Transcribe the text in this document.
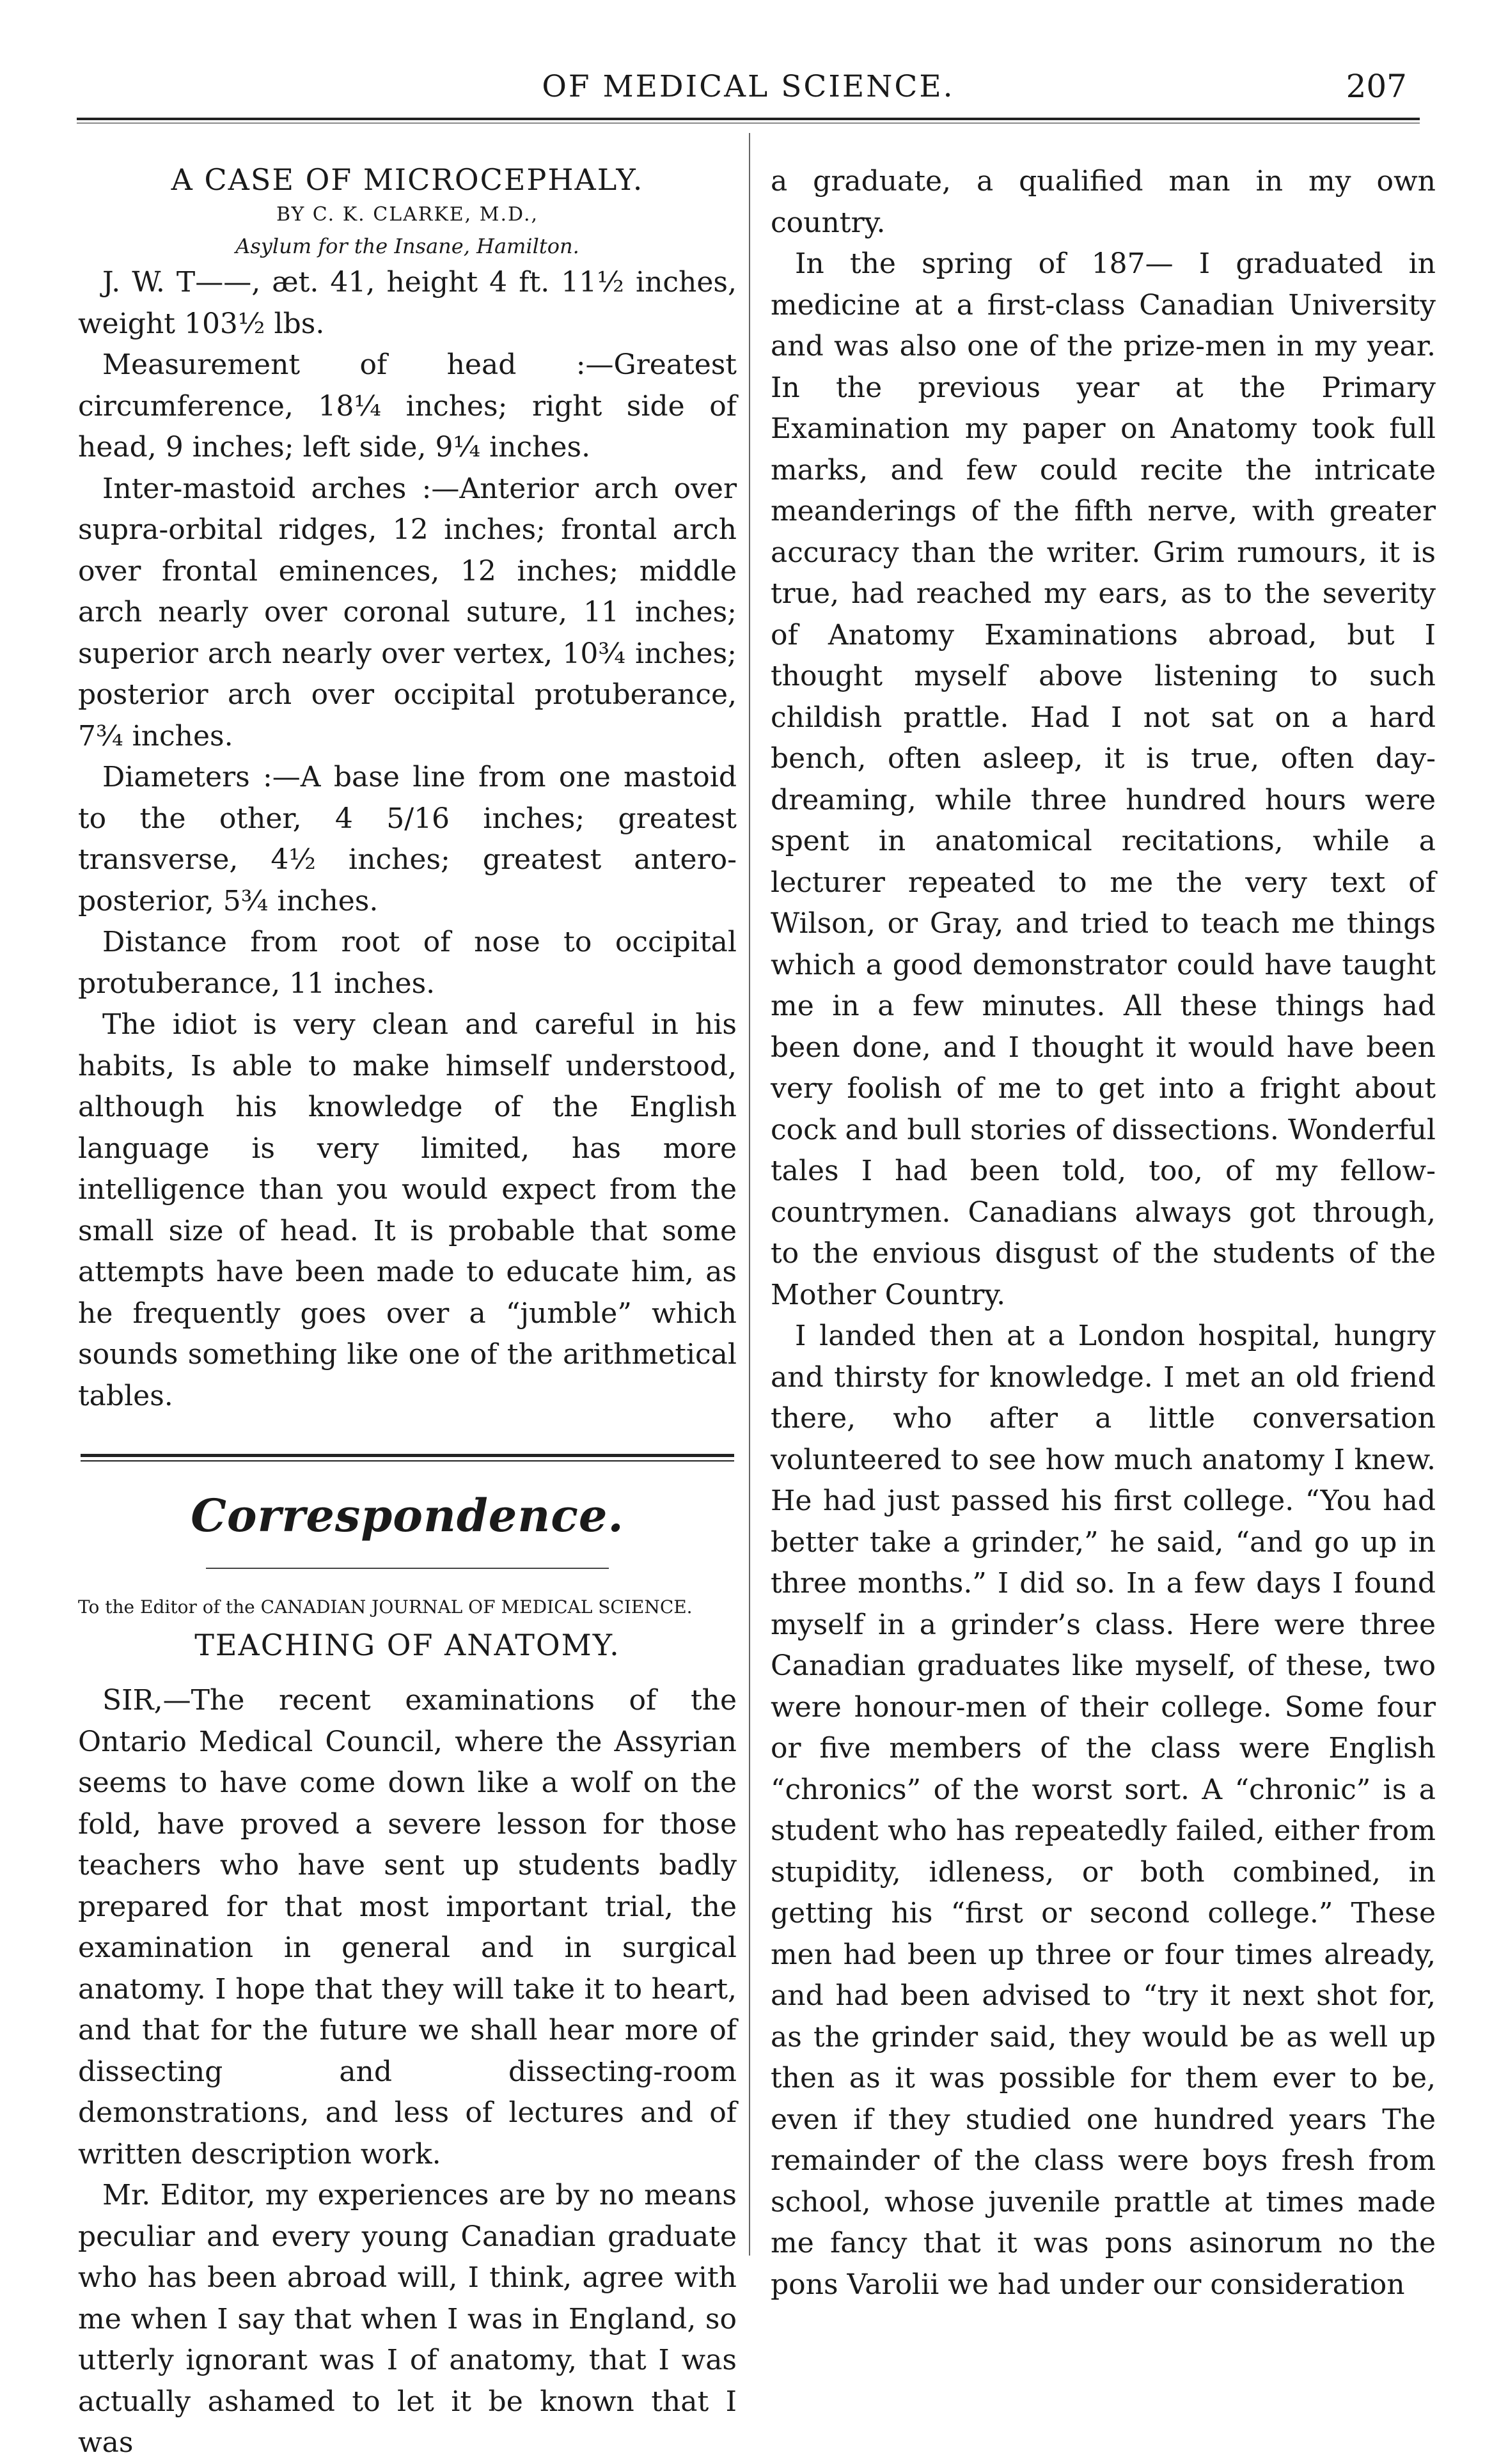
OF MEDICAL SCIENCE.	207
A CASE OF MICROCEPHALY.
BY C. K. CLARKE, M.D.,
Asylum for the Insane, Hamilton.

J. W. T——, æt. 41, height 4 ft. 11½ inches, weight 103½ lbs.

Measurement of head :—Greatest circumference, 18¼ inches; right side of head, 9 inches; left side, 9¼ inches.

Inter-mastoid arches :—Anterior arch over supra-orbital ridges, 12 inches; frontal arch over frontal eminences, 12 inches; middle arch nearly over coronal suture, 11 inches; superior arch nearly over vertex, 10¾ inches; posterior arch over occipital protuberance, 7¾ inches.

Diameters :—A base line from one mastoid to the other, 4 5/16 inches; greatest transverse, 4½ inches; greatest antero-posterior, 5¾ inches.

Distance from root of nose to occipital protuberance, 11 inches.

The idiot is very clean and careful in his habits, Is able to make himself understood, although his knowledge of the English language is very limited, has more intelligence than you would expect from the small size of head. It is probable that some attempts have been made to educate him, as he frequently goes over a “jumble” which sounds something like one of the arithmetical tables.

Correspondence.
To the Editor of the CANADIAN JOURNAL OF MEDICAL SCIENCE.
TEACHING OF ANATOMY.

SIR,—The recent examinations of the Ontario Medical Council, where the Assyrian seems to have come down like a wolf on the fold, have proved a severe lesson for those teachers who have sent up students badly prepared for that most important trial, the examination in general and in surgical anatomy. I hope that they will take it to heart, and that for the future we shall hear more of dissecting and dissecting-room demonstrations, and less of lectures and of written description work.

Mr. Editor, my experiences are by no means peculiar and every young Canadian graduate who has been abroad will, I think, agree with me when I say that when I was in England, so utterly ignorant was I of anatomy, that I was actually ashamed to let it be known that I was

a graduate, a qualified man in my own country.

In the spring of 187— I graduated in medicine at a first-class Canadian University and was also one of the prize-men in my year. In the previous year at the Primary Examination my paper on Anatomy took full marks, and few could recite the intricate meanderings of the fifth nerve, with greater accuracy than the writer. Grim rumours, it is true, had reached my ears, as to the severity of Anatomy Examinations abroad, but I thought myself above listening to such childish prattle. Had I not sat on a hard bench, often asleep, it is true, often day-dreaming, while three hundred hours were spent in anatomical recitations, while a lecturer repeated to me the very text of Wilson, or Gray, and tried to teach me things which a good demonstrator could have taught me in a few minutes. All these things had been done, and I thought it would have been very foolish of me to get into a fright about cock and bull stories of dissections. Wonderful tales I had been told, too, of my fellow-countrymen. Canadians always got through, to the envious disgust of the students of the Mother Country.

I landed then at a London hospital, hungry and thirsty for knowledge. I met an old friend there, who after a little conversation volunteered to see how much anatomy I knew. He had just passed his first college. “You had better take a grinder,” he said, “and go up in three months.” I did so. In a few days I found myself in a grinder’s class. Here were three Canadian graduates like myself, of these, two were honour-men of their college. Some four or five members of the class were English “chronics” of the worst sort. A “chronic” is a student who has repeatedly failed, either from stupidity, idleness, or both combined, in getting his “first or second college.” These men had been up three or four times already, and had been advised to “try it next shot for, as the grinder said, they would be as well up then as it was possible for them ever to be, even if they studied one hundred years The remainder of the class were boys fresh from school, whose juvenile prattle at times made me fancy that it was pons asinorum no the pons Varolii we had under our consideration
